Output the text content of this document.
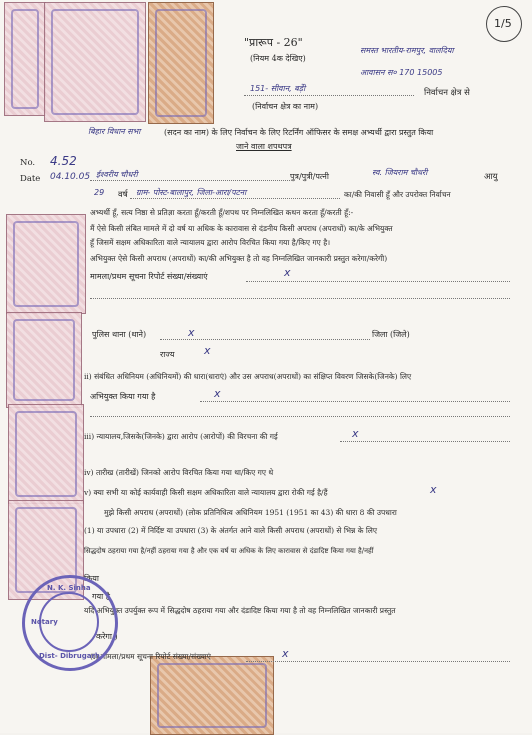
1/5
"प्रारूप - 26"
(नियम 4क देखिए)
समस्त भारतीय-रामपुर, वालदिया
आवासन स० 170 15005
151- सीवान, बड़ेी	निर्वाचन क्षेत्र से
(निर्वाचन क्षेत्र का नाम)
बिहार विधान सभा	(सदन का नाम) के लिए निर्वाचन के लिए रिटर्निंग ऑफिसर के समक्ष अभ्यर्थी द्वारा प्रस्तुत किया
जाने वाला शपथपत्र
No. 4.52
Date 04.10.05 ईश्वरीय चौधरी	पुत्र/पुत्री/पत्नी	स्व. जियराम चौधरी	आयु
29 वर्ष ग्राम- पोस्ट-बालापुर, जिला-आरा/पटना	का/की निवासी हूँ और उपरोक्त निर्वाचन
अभ्यर्थी हूँ, सत्य निष्ठा से प्रतिज्ञा करता हूँ/करती हूँ/शपथ पर निम्नलिखित कथन करता हूँ/करती हूँ:-
मैं ऐसे किसी लंबित मामले में दो वर्ष या अधिक के कारावास से दंडनीय किसी अपराध (अपराधों) का/के अभियुक्त
हूँ जिसमें सक्षम अधिकारिता वाले न्यायालय द्वारा आरोप विरचित किया गया है/किए गए है।
अभियुक्त ऐसे किसी अपराध (अपराधों) का/की अभियुक्त है तो वह निम्नलिखित जानकारी प्रस्तुत करेगा/करेगी)
मामला/प्रथम सूचना रिपोर्ट संख्या/संख्याएं	x
पुलिस थाना (थाने)	x	जिला (जिले)
राज्य	x
ii) संबंधित अधिनियम (अधिनियमों) की धारा(धाराएं) और उस अपराध(अपराधों) का संक्षिप्त विवरण जिसके(जिनके) लिए
अभियुक्त किया गया है	x
iii) न्यायालय,जिसके(जिनके) द्वारा आरोप (आरोपों) की विरचना की गई	x
iv) तारीख (तारीखें) जिनको आरोप विरचित किया गया था/किए गए थे
v) क्या सभी या कोई कार्यवाही किसी सक्षम अधिकारिता वाले न्यायालय द्वारा रोकी गई है/हैं	x
मुझे किसी अपराध (अपराधों) (लोक प्रतिनिधित्व अधिनियम 1951 (1951 का 43) की धारा 8 की उपधारा
(1) या उपधारा (2) में निर्दिष्ट या उपधारा (3) के अंतर्गत आने वाले किसी अपराध (अपराधों) से भिन्न के लिए
सिद्धदोष ठहराया गया है/नहीं ठहराया गया है और एक वर्ष या अधिक के लिए कारावास से दंडादिष्ट किया गया है/नहीं
किया
गया है
यदि अभियुक्त उपर्युक्त रूप में सिद्धदोष ठहराया गया और दंडादिष्ट किया गया है तो वह निम्नलिखित जानकारी प्रस्तुत
करेगा )
(i) मामला/प्रथम सूचना रिपोर्ट संख्या/संख्याएं	x
N. K. Sinha
Notary
Dist- Dibrugarh
